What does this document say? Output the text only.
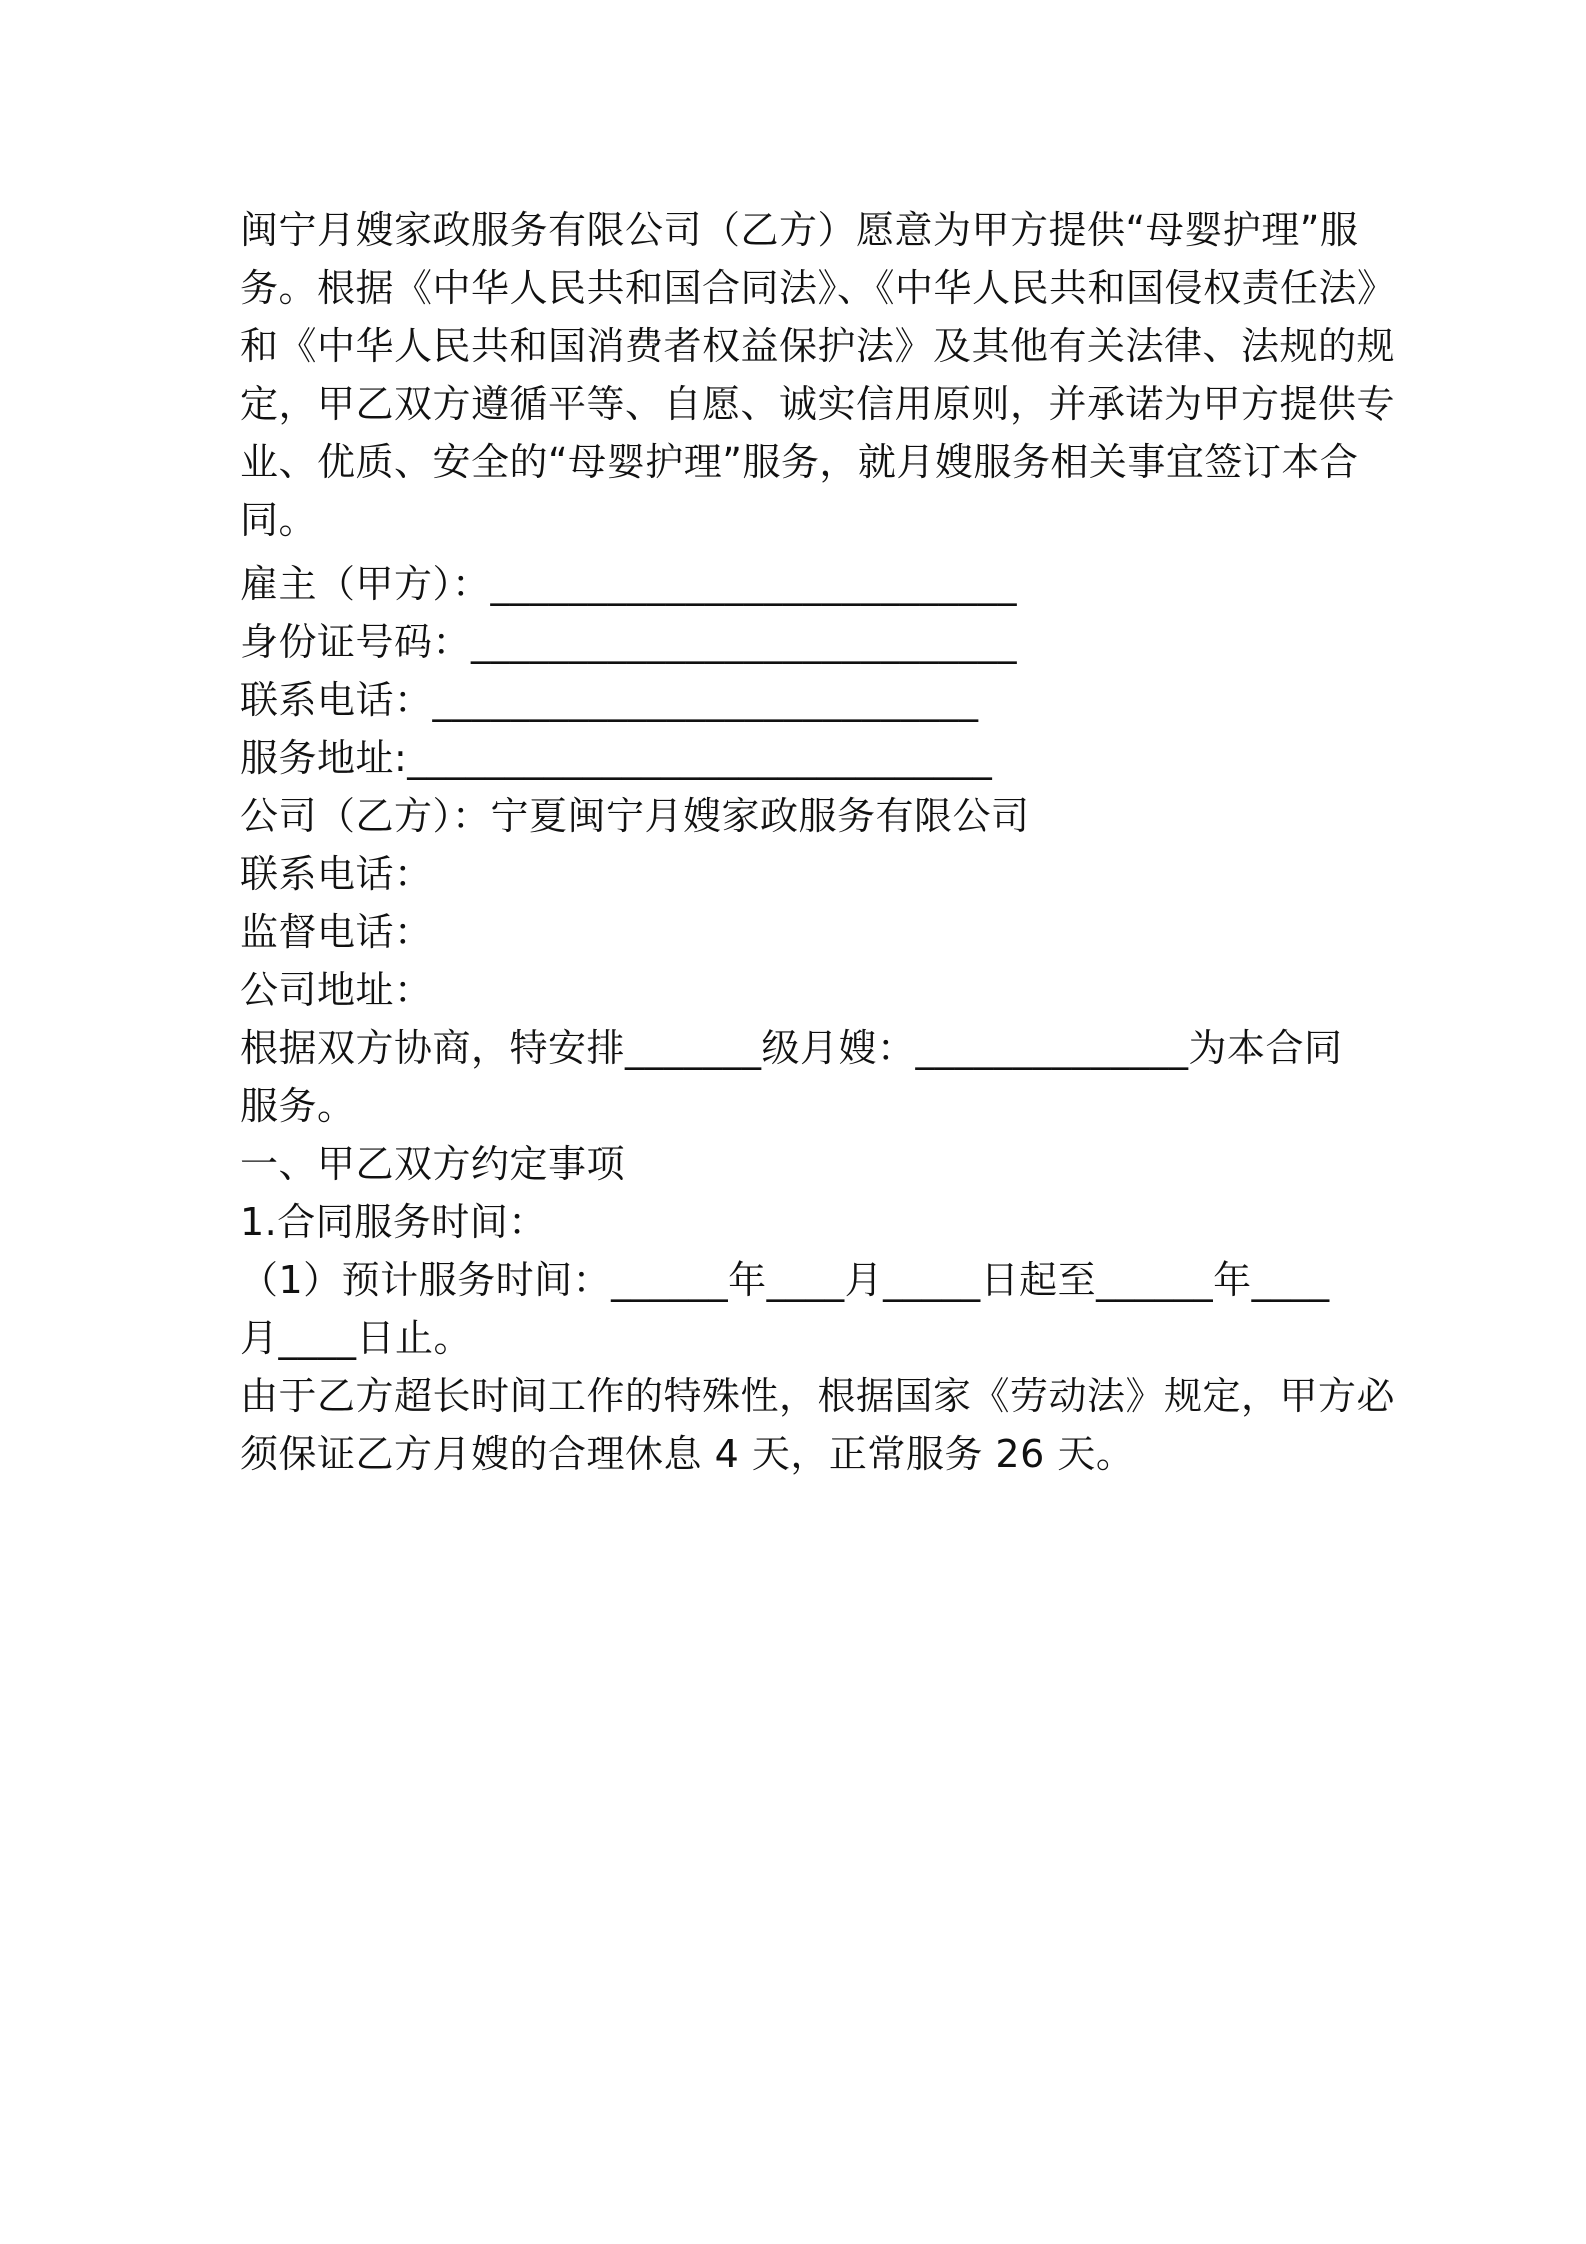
闽宁月嫂家政服务有限公司（乙方）愿意为甲方提供“母婴护理”服
务。根据《中华人民共和国合同法》、《中华人民共和国侵权责任法》
和《中华人民共和国消费者权益保护法》及其他有关法律、法规的规
定，甲乙双方遵循平等、自愿、诚实信用原则，并承诺为甲方提供专
业、优质、安全的“母婴护理”服务，就月嫂服务相关事宜签订本合
同。
雇主（甲方）：___________________________
身份证号码：____________________________
联系电话：____________________________
服务地址:______________________________
公司（乙方）：宁夏闽宁月嫂家政服务有限公司
联系电话：
监督电话：
公司地址：
根据双方协商，特安排_______级月嫂：______________为本合同
服务。
一、甲乙双方约定事项
1.合同服务时间：
（1）预计服务时间：______年____月_____日起至______年____
月____日止。
由于乙方超长时间工作的特殊性，根据国家《劳动法》规定，甲方必
须保证乙方月嫂的合理休息 4 天，正常服务 26 天。
